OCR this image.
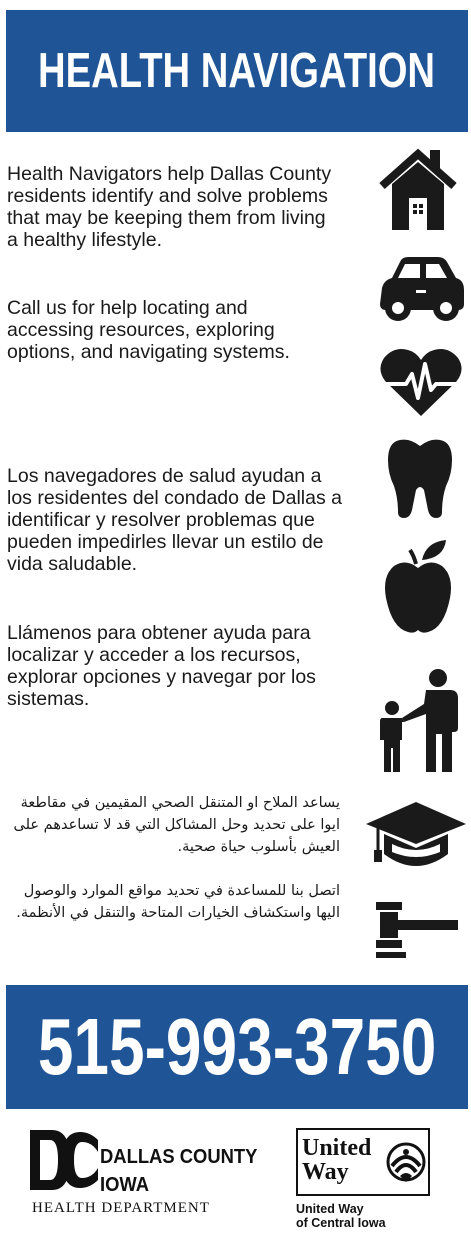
HEALTH NAVIGATION

Health Navigators help Dallas County residents identify and solve problems that may be keeping them from living a healthy lifestyle.

Call us for help locating and accessing resources, exploring options, and navigating systems.

Los navegadores de salud ayudan a los residentes del condado de Dallas a identificar y resolver problemas que pueden impedirles llevar un estilo de vida saludable.

Llámenos para obtener ayuda para localizar y acceder a los recursos, explorar opciones y navegar por los sistemas.

يساعد الملاح او المتنقل الصحي المقيمين في مقاطعة ايوا على تحديد وحل المشاكل التي قد لا تساعدهم على العيش بأسلوب حياة صحية.

اتصل بنا للمساعدة في تحديد مواقع الموارد والوصول اليها واستكشاف الخيارات المتاحة والتنقل في الأنظمة.

515-993-3750
DALLAS COUNTY
IOWA
HEALTH DEPARTMENT
United
Way
United Way
of Central Iowa
